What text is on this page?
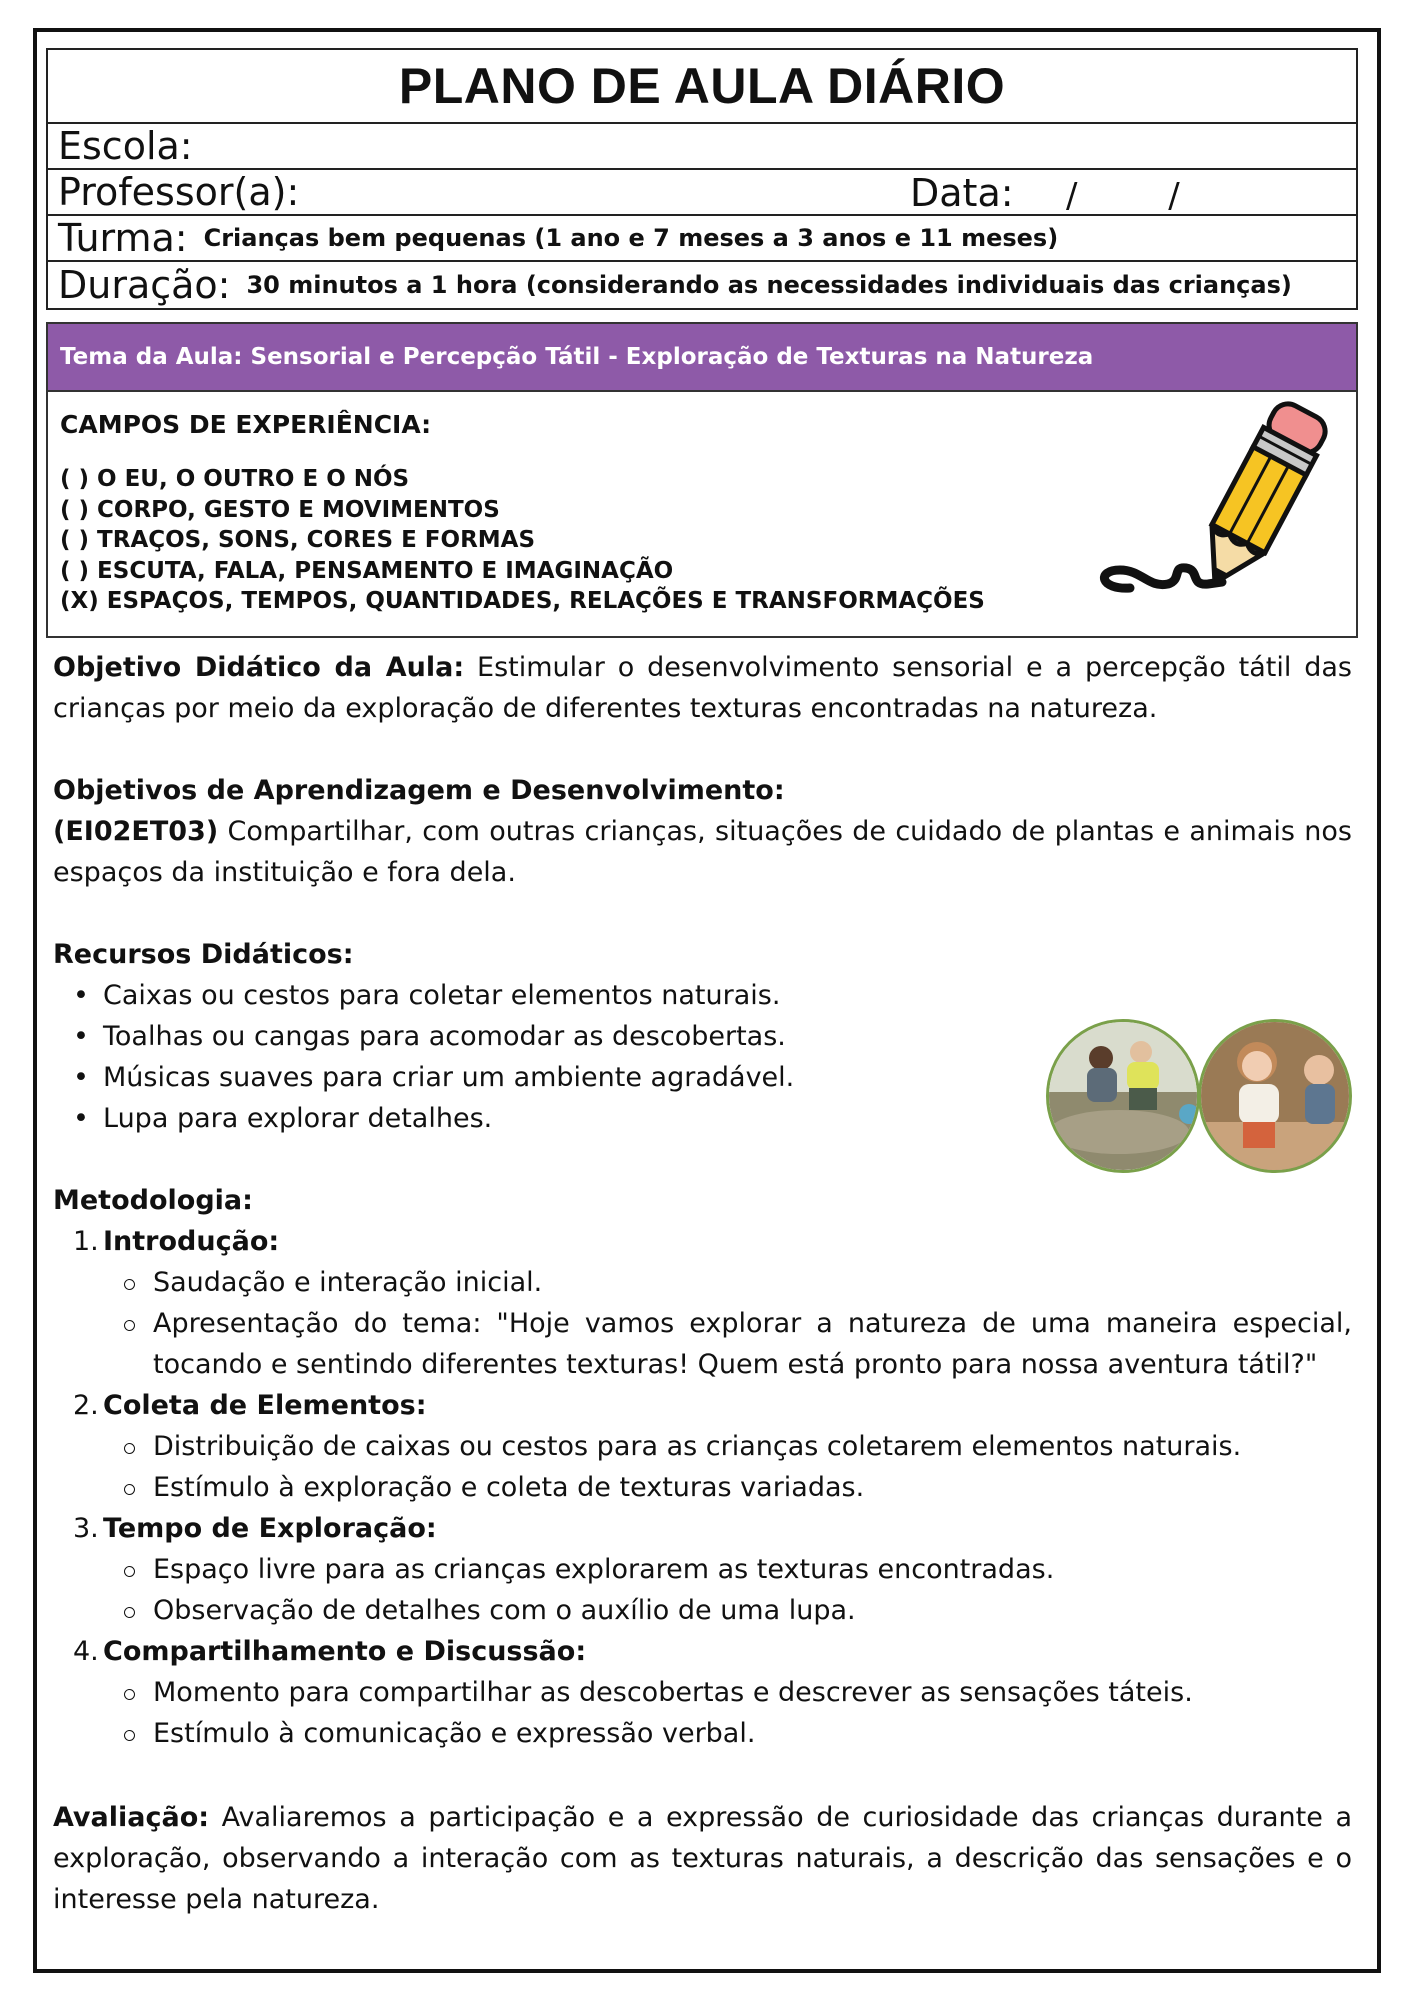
PLANO DE AULA DIÁRIO
Escola:
Professor(a):	Data: / /
Turma: Crianças bem pequenas (1 ano e 7 meses a 3 anos e 11 meses)
Duração: 30 minutos a 1 hora (considerando as necessidades individuais das crianças)
Tema da Aula: Sensorial e Percepção Tátil - Exploração de Texturas na Natureza
CAMPOS DE EXPERIÊNCIA:
( ) O EU, O OUTRO E O NÓS
( ) CORPO, GESTO E MOVIMENTOS
( ) TRAÇOS, SONS, CORES E FORMAS
( ) ESCUTA, FALA, PENSAMENTO E IMAGINAÇÃO
(X) ESPAÇOS, TEMPOS, QUANTIDADES, RELAÇÕES E TRANSFORMAÇÕES
Objetivo Didático da Aula: Estimular o desenvolvimento sensorial e a percepção tátil das crianças por meio da exploração de diferentes texturas encontradas na natureza.
Objetivos de Aprendizagem e Desenvolvimento:
(EI02ET03) Compartilhar, com outras crianças, situações de cuidado de plantas e animais nos espaços da instituição e fora dela.
Recursos Didáticos:
• Caixas ou cestos para coletar elementos naturais.
• Toalhas ou cangas para acomodar as descobertas.
• Músicas suaves para criar um ambiente agradável.
• Lupa para explorar detalhes.
Metodologia:
1. Introdução:
Saudação e interação inicial.
Apresentação do tema: "Hoje vamos explorar a natureza de uma maneira especial, tocando e sentindo diferentes texturas! Quem está pronto para nossa aventura tátil?"
2. Coleta de Elementos:
Distribuição de caixas ou cestos para as crianças coletarem elementos naturais.
Estímulo à exploração e coleta de texturas variadas.
3. Tempo de Exploração:
Espaço livre para as crianças explorarem as texturas encontradas.
Observação de detalhes com o auxílio de uma lupa.
4. Compartilhamento e Discussão:
Momento para compartilhar as descobertas e descrever as sensações táteis.
Estímulo à comunicação e expressão verbal.
Avaliação: Avaliaremos a participação e a expressão de curiosidade das crianças durante a exploração, observando a interação com as texturas naturais, a descrição das sensações e o interesse pela natureza.
